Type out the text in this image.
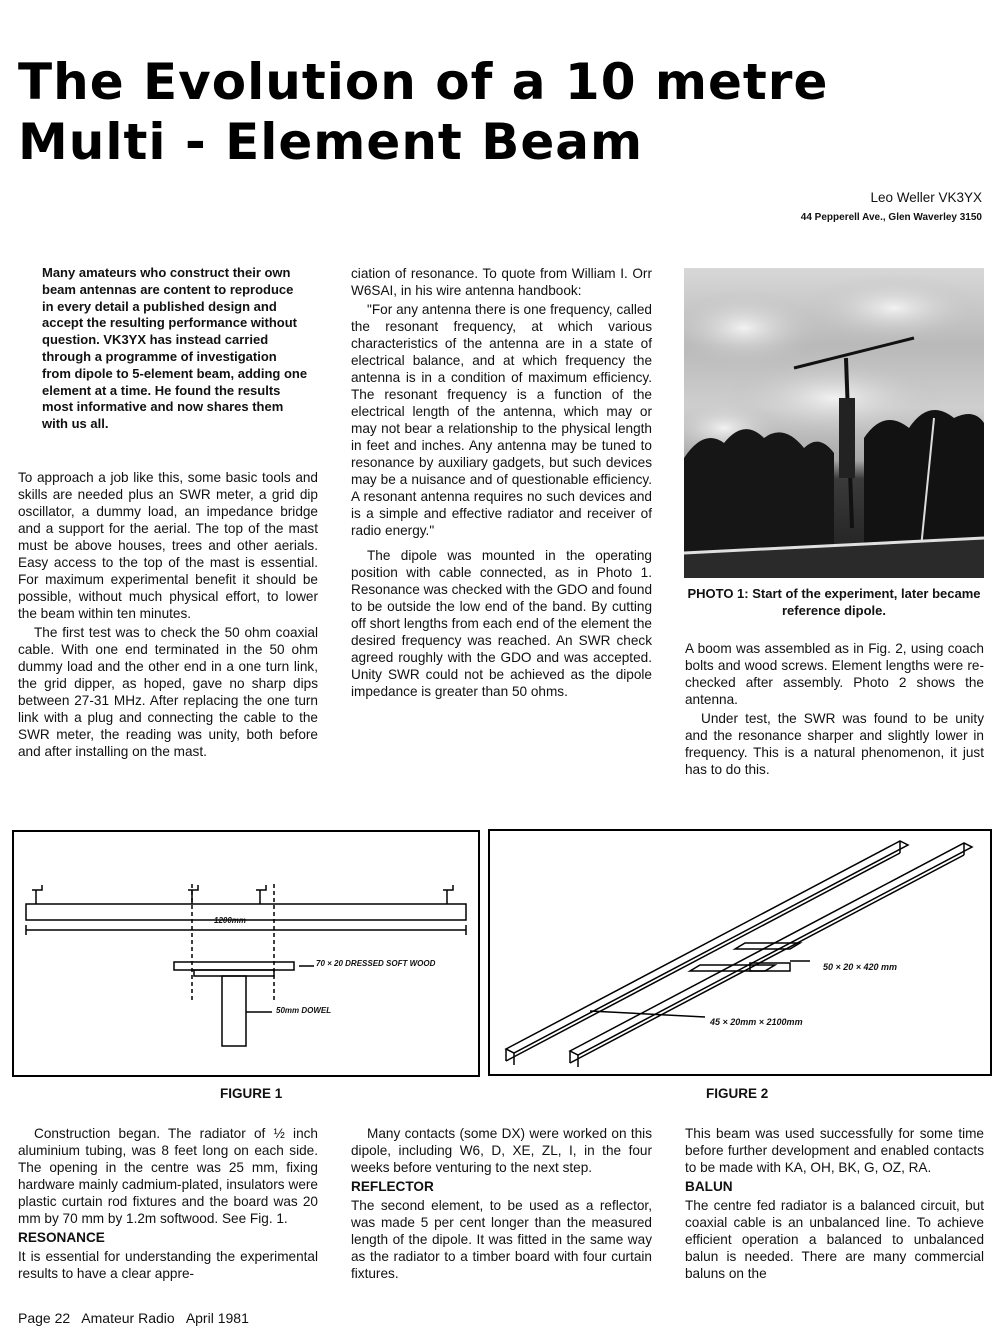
The Evolution of a 10 metre
Multi - Element Beam
Leo Weller VK3YX
44 Pepperell Ave., Glen Waverley 3150
Many amateurs who construct their own beam antennas are content to reproduce in every detail a published design and accept the resulting performance without question. VK3YX has instead carried through a programme of investigation from dipole to 5-element beam, adding one element at a time. He found the results most informative and now shares them with us all.

To approach a job like this, some basic tools and skills are needed plus an SWR meter, a grid dip oscillator, a dummy load, an impedance bridge and a support for the aerial. The top of the mast must be above houses, trees and other aerials. Easy access to the top of the mast is essential. For maximum experimental benefit it should be possible, without much physical effort, to lower the beam within ten minutes.

The first test was to check the 50 ohm coaxial cable. With one end terminated in the 50 ohm dummy load and the other end in a one turn link, the grid dipper, as hoped, gave no sharp dips between 27-31 MHz. After replacing the one turn link with a plug and connecting the cable to the SWR meter, the reading was unity, both before and after installing on the mast.

ciation of resonance. To quote from William I. Orr W6SAI, in his wire antenna handbook:

"For any antenna there is one frequency, called the resonant frequency, at which various characteristics of the antenna are in a state of electrical balance, and at which frequency the antenna is in a condition of maximum efficiency. The resonant frequency is a function of the electrical length of the antenna, which may or may not bear a relationship to the physical length in feet and inches. Any antenna may be tuned to resonance by auxiliary gadgets, but such devices may be a nuisance and of questionable efficiency. A resonant antenna requires no such devices and is a simple and effective radiator and receiver of radio energy."

The dipole was mounted in the operating position with cable connected, as in Photo 1. Resonance was checked with the GDO and found to be outside the low end of the band. By cutting off short lengths from each end of the element the desired frequency was reached. An SWR check agreed roughly with the GDO and was accepted. Unity SWR could not be achieved as the dipole impedance is greater than 50 ohms.

PHOTO 1: Start of the experiment, later became reference dipole.

A boom was assembled as in Fig. 2, using coach bolts and wood screws. Element lengths were re-checked after assembly. Photo 2 shows the antenna.

Under test, the SWR was found to be unity and the resonance sharper and slightly lower in frequency. This is a natural phenomenon, it just has to do this.

1200mm
70 × 20 DRESSED SOFT WOOD
50mm DOWEL
FIGURE 1
50 × 20 × 420 mm
45 × 20mm × 2100mm
FIGURE 2

Construction began. The radiator of ½ inch aluminium tubing, was 8 feet long on each side. The opening in the centre was 25 mm, fixing hardware mainly cadmium-plated, insulators were plastic curtain rod fixtures and the board was 20 mm by 70 mm by 1.2m softwood. See Fig. 1.

RESONANCE

It is essential for understanding the experimental results to have a clear appre-

Many contacts (some DX) were worked on this dipole, including W6, D, XE, ZL, I, in the four weeks before venturing to the next step.

REFLECTOR

The second element, to be used as a reflector, was made 5 per cent longer than the measured length of the dipole. It was fitted in the same way as the radiator to a timber board with four curtain fixtures.

This beam was used successfully for some time before further development and enabled contacts to be made with KA, OH, BK, G, OZ, RA.

BALUN

The centre fed radiator is a balanced circuit, but coaxial cable is an unbalanced line. To achieve efficient operation a balanced to unbalanced balun is needed. There are many commercial baluns on the

Page 22 Amateur Radio April 1981
